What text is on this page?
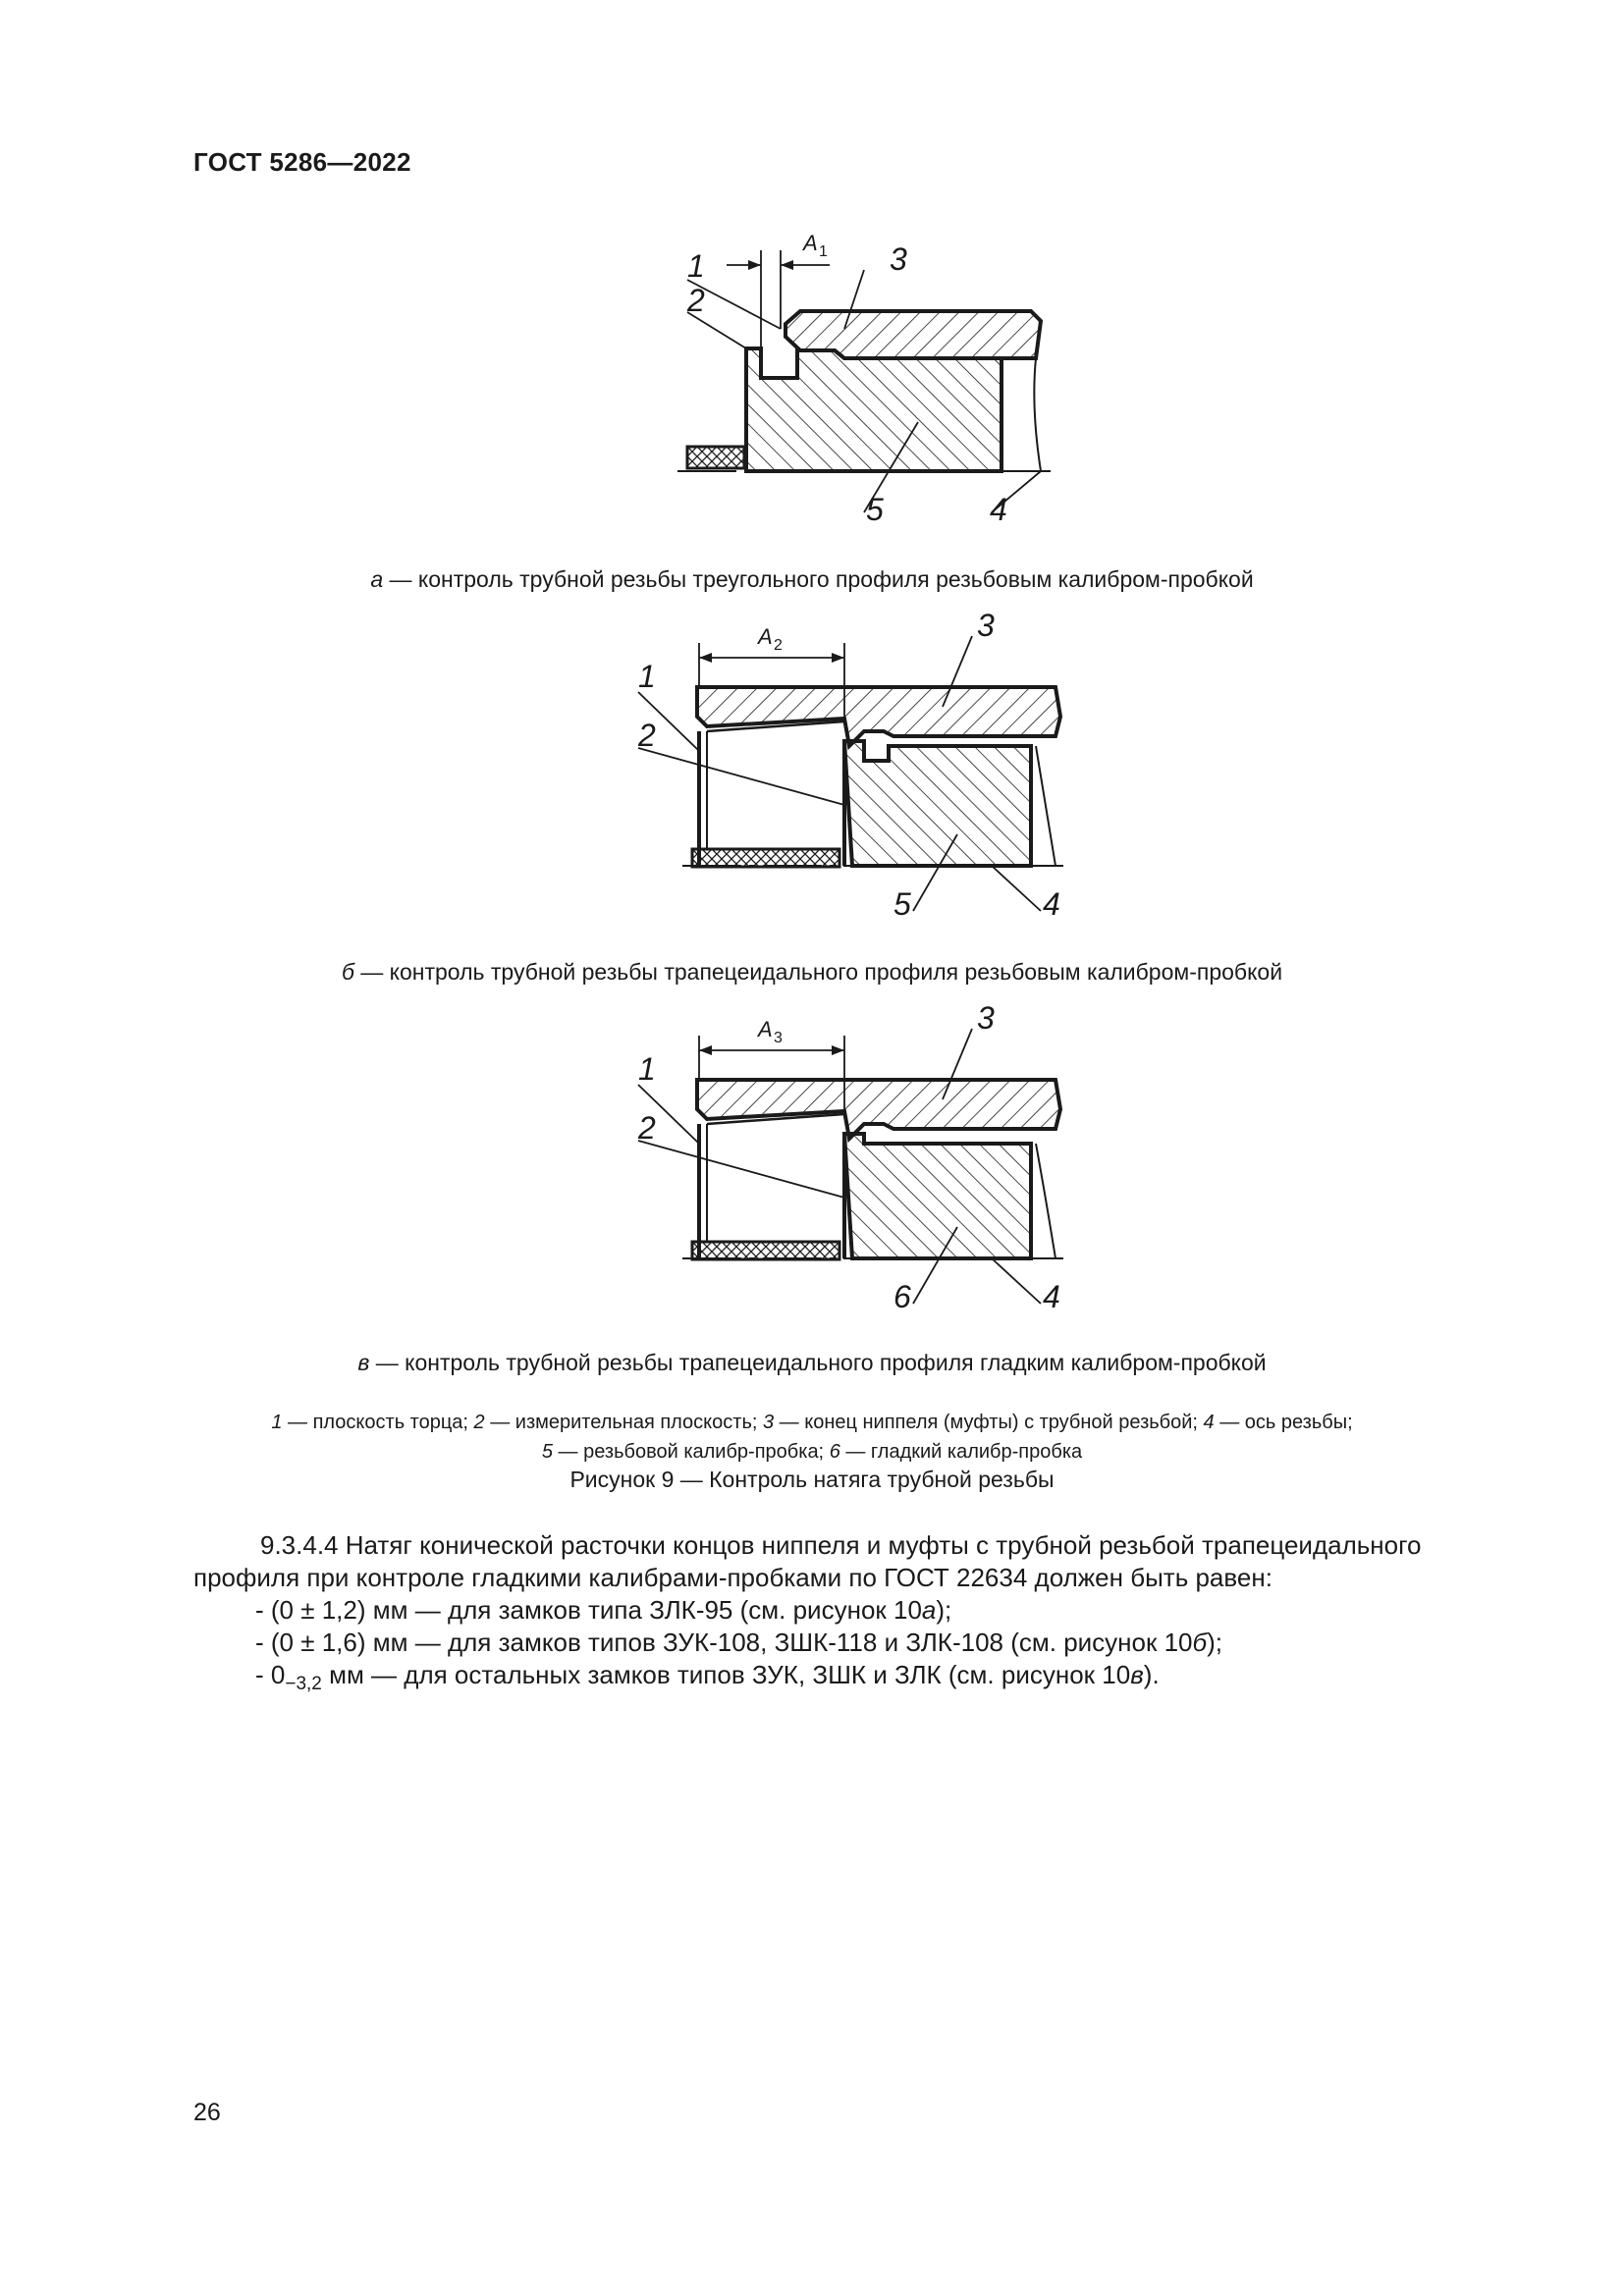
ГОСТ 5286—2022
A 1
1
2
3
4
5
а — контроль трубной резьбы треугольного профиля резьбовым калибром-пробкой
A 2
1
2
3
4
5
б — контроль трубной резьбы трапецеидального профиля резьбовым калибром-пробкой
A 3
1
2
3
4
6
в — контроль трубной резьбы трапецеидального профиля гладким калибром-пробкой
1 — плоскость торца; 2 — измерительная плоскость; 3 — конец ниппеля (муфты) с трубной резьбой; 4 — ось резьбы;
5 — резьбовой калибр-пробка; 6 — гладкий калибр-пробка
Рисунок 9 — Контроль натяга трубной резьбы

9.3.4.4 Натяг конической расточки концов ниппеля и муфты с трубной резьбой трапецеидального профиля при контроле гладкими калибрами-пробками по ГОСТ 22634 должен быть равен:

- (0 ± 1,2) мм — для замков типа ЗЛК-95 (см. рисунок 10а);

- (0 ± 1,6) мм — для замков типов ЗУК-108, ЗШК-118 и ЗЛК-108 (см. рисунок 10б);

- $0_{-3,2}$ мм — для остальных замков типов ЗУК, ЗШК и ЗЛК (см. рисунок 10в).

26
